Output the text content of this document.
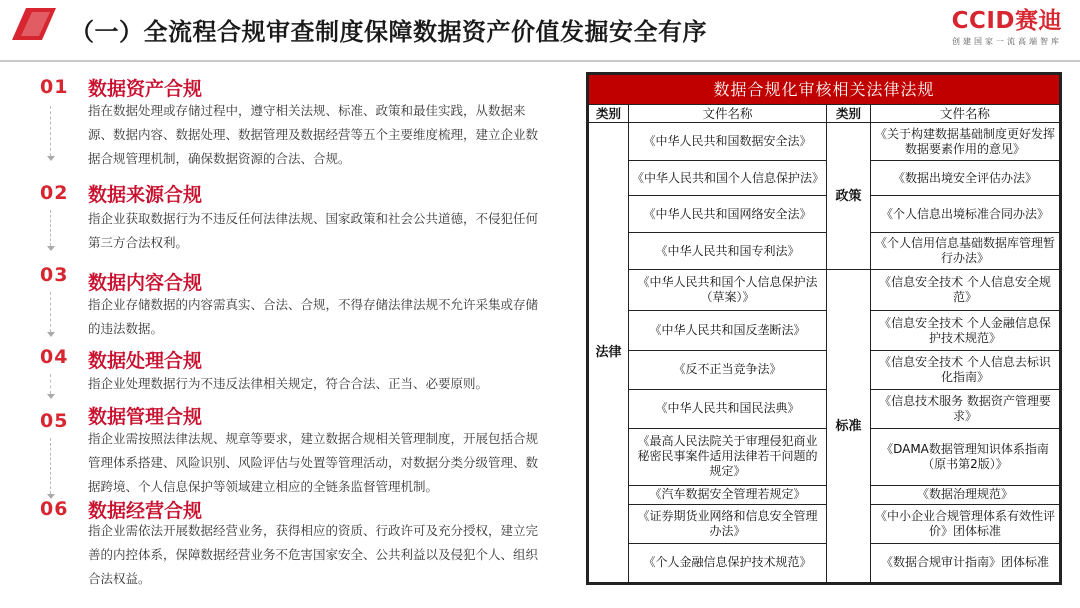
（一）全流程合规审查制度保障数据资产价值发掘安全有序	CCID赛迪
创建国家一流高端智库
01 数据资产合规
指在数据处理或存储过程中，遵守相关法规、标准、政策和最佳实践，从数据来源、数据内容、数据处理、数据管理及数据经营等五个主要维度梳理，建立企业数据合规管理机制，确保数据资源的合法、合规。
02 数据来源合规
指企业获取数据行为不违反任何法律法规、国家政策和社会公共道德，不侵犯任何第三方合法权利。
03 数据内容合规
指企业存储数据的内容需真实、合法、合规，不得存储法律法规不允许采集或存储的违法数据。
04 数据处理合规
指企业处理数据行为不违反法律相关规定，符合合法、正当、必要原则。
05 数据管理合规
指企业需按照法律法规、规章等要求，建立数据合规相关管理制度，开展包括合规管理体系搭建、风险识别、风险评估与处置等管理活动，对数据分类分级管理、数据跨境、个人信息保护等领域建立相应的全链条监督管理机制。
06 数据经营合规
指企业需依法开展数据经营业务，获得相应的资质、行政许可及充分授权，建立完善的内控体系，保障数据经营业务不危害国家安全、公共利益以及侵犯个人、组织合法权益。
数据合规化审核相关法律法规			
类别	文件名称	类别	文件名称
法律	《中华人民共和国数据安全法》	政策	《关于构建数据基础制度更好发挥数据要素作用的意见》
	《中华人民共和国个人信息保护法》		《数据出境安全评估办法》
	《中华人民共和国网络安全法》		《个人信息出境标准合同办法》
	《中华人民共和国专利法》		《个人信用信息基础数据库管理暂行办法》
	《中华人民共和国个人信息保护法（草案）》	标准	《信息安全技术 个人信息安全规范》
	《中华人民共和国反垄断法》		《信息安全技术 个人金融信息保护技术规范》
	《反不正当竞争法》		《信息安全技术 个人信息去标识化指南》
	《中华人民共和国民法典》		《信息技术服务 数据资产管理要求》
	《最高人民法院关于审理侵犯商业秘密民事案件适用法律若干问题的规定》		《DAMA数据管理知识体系指南（原书第2版）》
	《汽车数据安全管理若规定》		《数据治理规范》
	《证券期货业网络和信息安全管理办法》		《中小企业合规管理体系有效性评价》团体标准
	《个人金融信息保护技术规范》		《数据合规审计指南》团体标准
